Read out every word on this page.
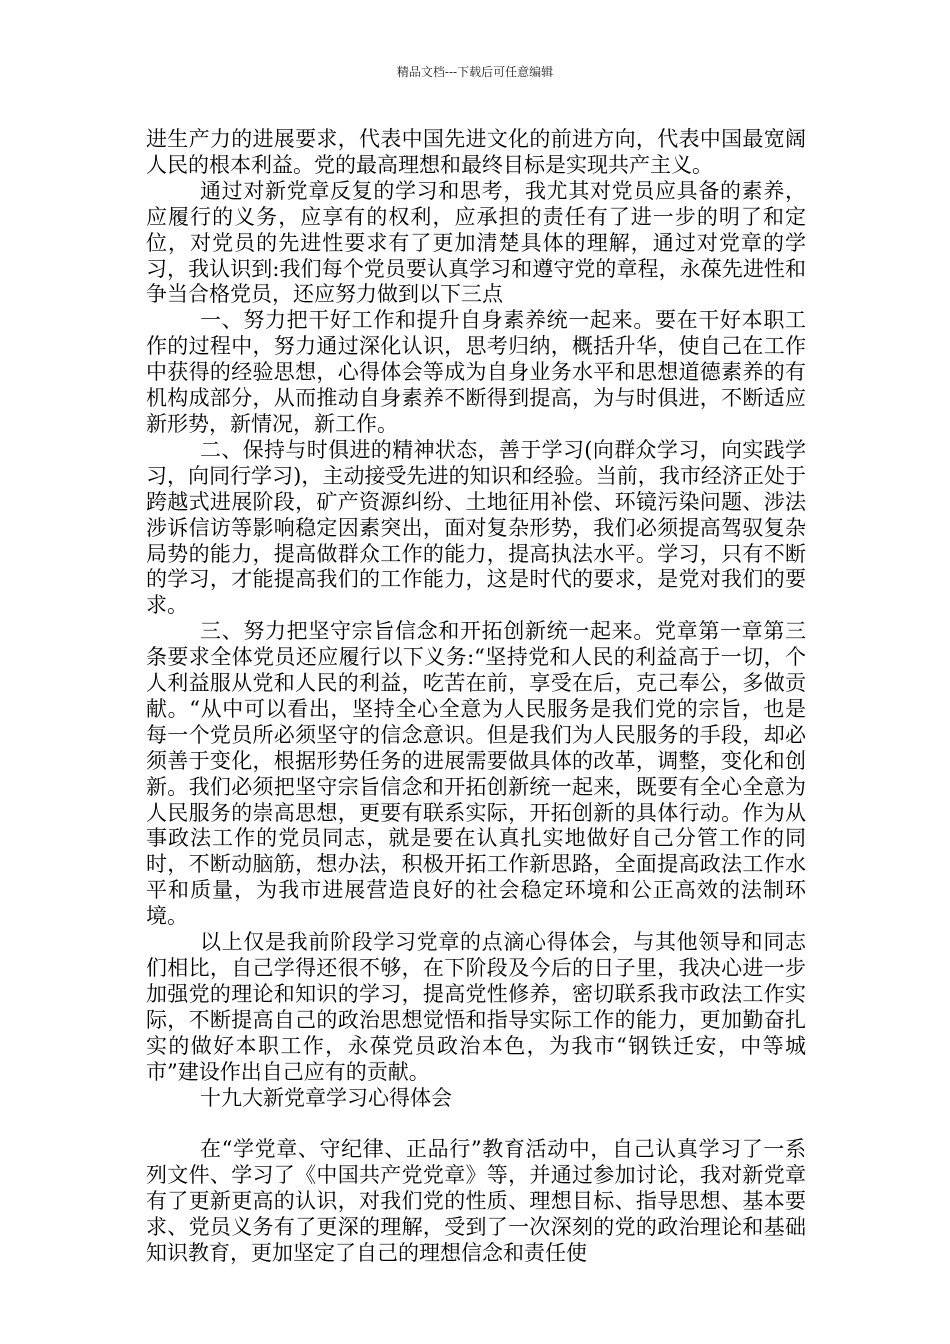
精品文档---下载后可任意编辑

进生产力的进展要求，代表中国先进文化的前进方向，代表中国最宽阔人民的根本利益。党的最高理想和最终目标是实现共产主义。

通过对新党章反复的学习和思考，我尤其对党员应具备的素养，应履行的义务，应享有的权利，应承担的责任有了进一步的明了和定位，对党员的先进性要求有了更加清楚具体的理解，通过对党章的学习，我认识到:我们每个党员要认真学习和遵守党的章程，永葆先进性和争当合格党员，还应努力做到以下三点

一、努力把干好工作和提升自身素养统一起来。要在干好本职工作的过程中，努力通过深化认识，思考归纳，概括升华，使自己在工作中获得的经验思想，心得体会等成为自身业务水平和思想道德素养的有机构成部分，从而推动自身素养不断得到提高，为与时俱进，不断适应新形势，新情况，新工作。

二、保持与时俱进的精神状态，善于学习(向群众学习，向实践学习，向同行学习)，主动接受先进的知识和经验。当前，我市经济正处于跨越式进展阶段，矿产资源纠纷、土地征用补偿、环镜污染问题、涉法涉诉信访等影响稳定因素突出，面对复杂形势，我们必须提高驾驭复杂局势的能力，提高做群众工作的能力，提高执法水平。学习，只有不断的学习，才能提高我们的工作能力，这是时代的要求，是党对我们的要求。

三、努力把坚守宗旨信念和开拓创新统一起来。党章第一章第三条要求全体党员还应履行以下义务:“坚持党和人民的利益高于一切，个人利益服从党和人民的利益，吃苦在前，享受在后，克己奉公，多做贡献。“从中可以看出，坚持全心全意为人民服务是我们党的宗旨，也是每一个党员所必须坚守的信念意识。但是我们为人民服务的手段，却必须善于变化，根据形势任务的进展需要做具体的改革，调整，变化和创新。我们必须把坚守宗旨信念和开拓创新统一起来，既要有全心全意为人民服务的崇高思想，更要有联系实际，开拓创新的具体行动。作为从事政法工作的党员同志，就是要在认真扎实地做好自己分管工作的同时，不断动脑筋，想办法，积极开拓工作新思路，全面提高政法工作水平和质量，为我市进展营造良好的社会稳定环境和公正高效的法制环境。

以上仅是我前阶段学习党章的点滴心得体会，与其他领导和同志们相比，自己学得还很不够，在下阶段及今后的日子里，我决心进一步加强党的理论和知识的学习，提高党性修养，密切联系我市政法工作实际，不断提高自己的政治思想觉悟和指导实际工作的能力，更加勤奋扎实的做好本职工作，永葆党员政治本色，为我市“钢铁迁安，中等城市”建设作出自己应有的贡献。

十九大新党章学习心得体会

在“学党章、守纪律、正品行”教育活动中，自己认真学习了一系列文件、学习了《中国共产党党章》等，并通过参加讨论，我对新党章有了更新更高的认识，对我们党的性质、理想目标、指导思想、基本要求、党员义务有了更深的理解，受到了一次深刻的党的政治理论和基础知识教育，更加坚定了自己的理想信念和责任使
